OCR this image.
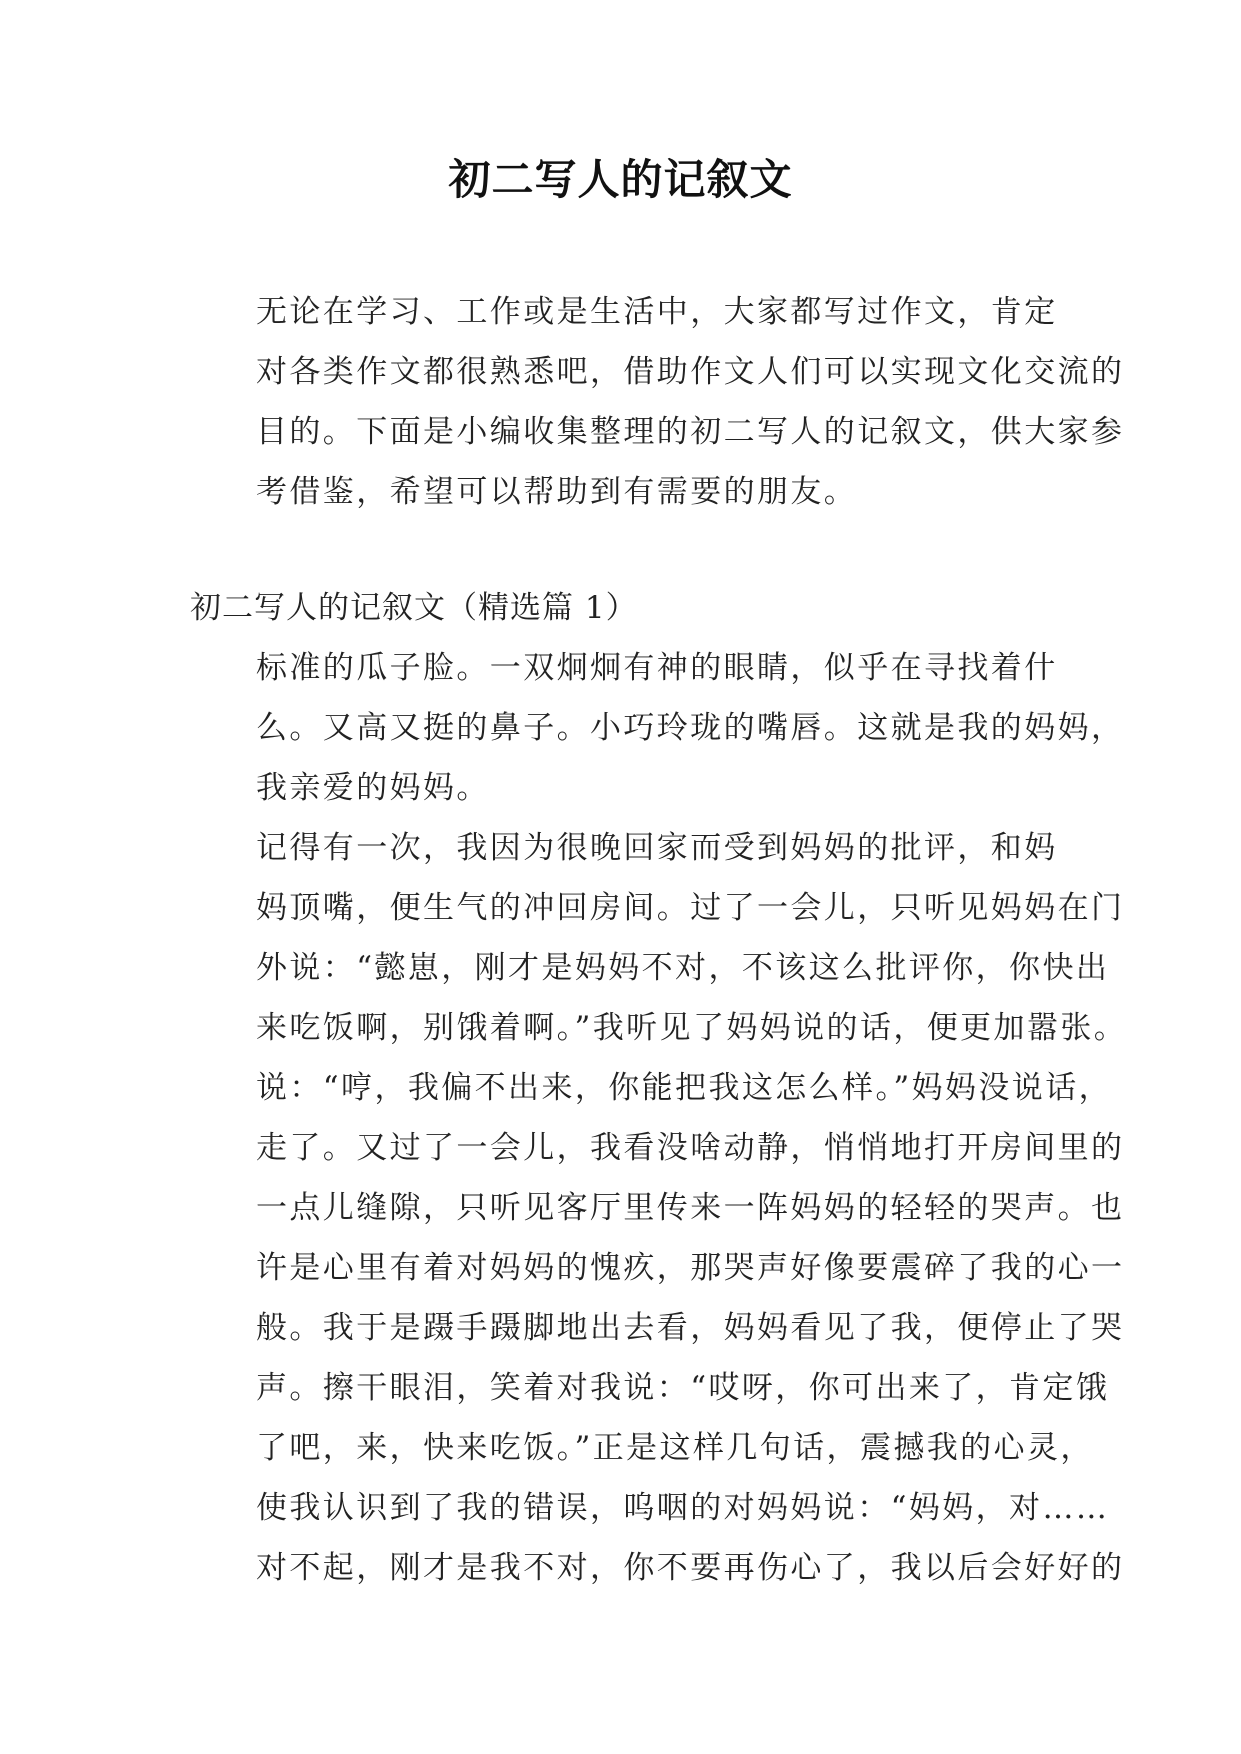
初二写人的记叙文
无论在学习、工作或是生活中，大家都写过作文，肯定
对各类作文都很熟悉吧，借助作文人们可以实现文化交流的
目的。下面是小编收集整理的初二写人的记叙文，供大家参
考借鉴，希望可以帮助到有需要的朋友。
初二写人的记叙文（精选篇 1）
标准的瓜子脸。一双炯炯有神的眼睛，似乎在寻找着什
么。又高又挺的鼻子。小巧玲珑的嘴唇。这就是我的妈妈，
我亲爱的妈妈。
记得有一次，我因为很晚回家而受到妈妈的批评，和妈
妈顶嘴，便生气的冲回房间。过了一会儿，只听见妈妈在门
外说：“懿崽，刚才是妈妈不对，不该这么批评你，你快出
来吃饭啊，别饿着啊。”我听见了妈妈说的话，便更加嚣张。
说：“哼，我偏不出来，你能把我这怎么样。”妈妈没说话，
走了。又过了一会儿，我看没啥动静，悄悄地打开房间里的
一点儿缝隙，只听见客厅里传来一阵妈妈的轻轻的哭声。也
许是心里有着对妈妈的愧疚，那哭声好像要震碎了我的心一
般。我于是蹑手蹑脚地出去看，妈妈看见了我，便停止了哭
声。擦干眼泪，笑着对我说：“哎呀，你可出来了，肯定饿
了吧，来，快来吃饭。”正是这样几句话，震撼我的心灵，
使我认识到了我的错误，呜咽的对妈妈说：“妈妈，对……
对不起，刚才是我不对，你不要再伤心了，我以后会好好的
